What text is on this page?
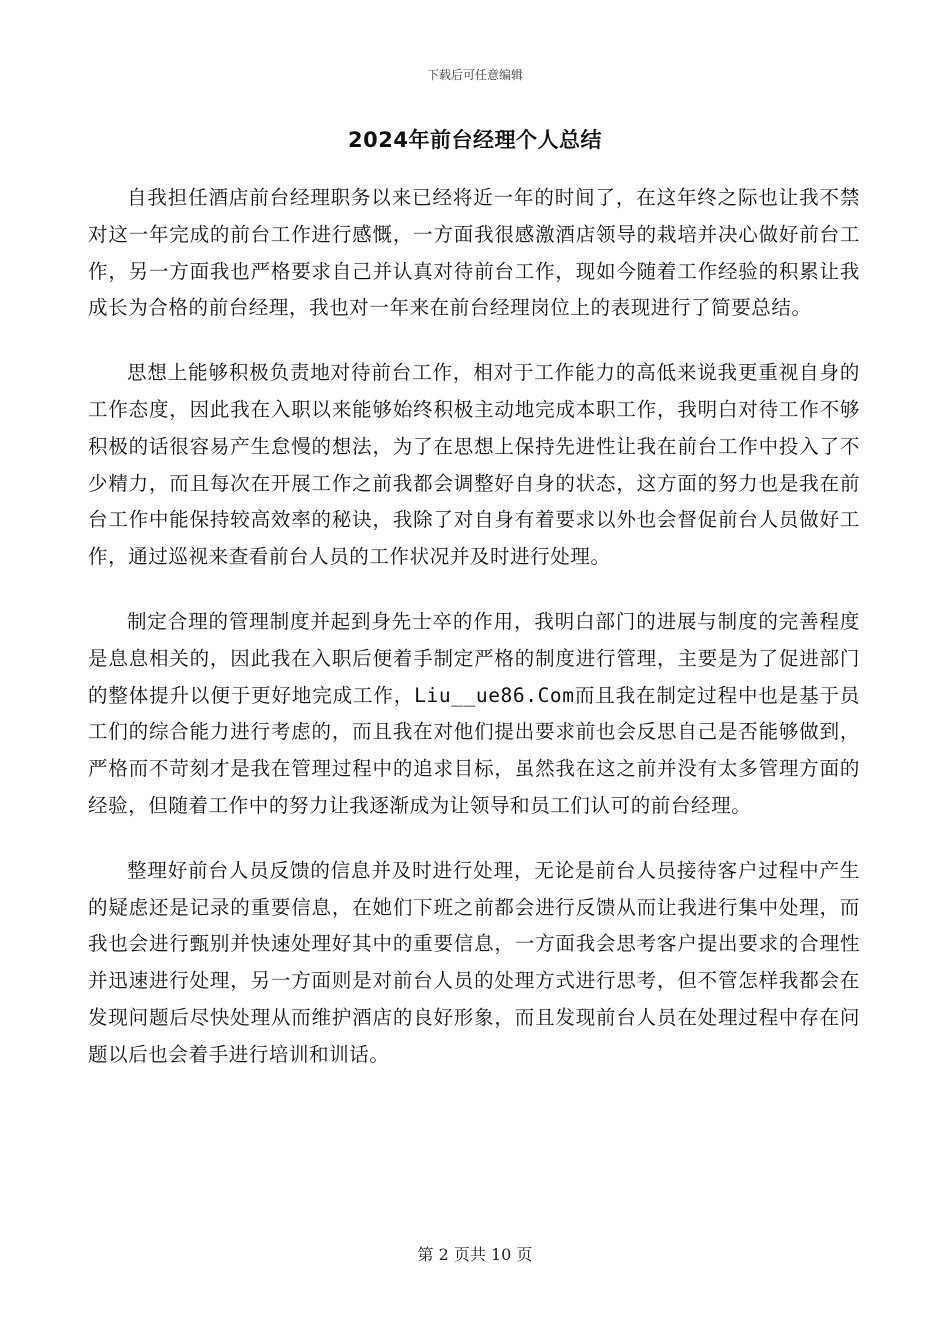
下载后可任意编辑
2024年前台经理个人总结

自我担任酒店前台经理职务以来已经将近一年的时间了，在这年终之际也让我不禁对这一年完成的前台工作进行感慨，一方面我很感激酒店领导的栽培并决心做好前台工作，另一方面我也严格要求自己并认真对待前台工作，现如今随着工作经验的积累让我成长为合格的前台经理，我也对一年来在前台经理岗位上的表现进行了简要总结。

思想上能够积极负责地对待前台工作，相对于工作能力的高低来说我更重视自身的工作态度，因此我在入职以来能够始终积极主动地完成本职工作，我明白对待工作不够积极的话很容易产生怠慢的想法，为了在思想上保持先进性让我在前台工作中投入了不少精力，而且每次在开展工作之前我都会调整好自身的状态，这方面的努力也是我在前台工作中能保持较高效率的秘诀，我除了对自身有着要求以外也会督促前台人员做好工作，通过巡视来查看前台人员的工作状况并及时进行处理。

制定合理的管理制度并起到身先士卒的作用，我明白部门的进展与制度的完善程度是息息相关的，因此我在入职后便着手制定严格的制度进行管理，主要是为了促进部门的整体提升以便于更好地完成工作，Liu__ue86.Com而且我在制定过程中也是基于员工们的综合能力进行考虑的，而且我在对他们提出要求前也会反思自己是否能够做到，严格而不苛刻才是我在管理过程中的追求目标，虽然我在这之前并没有太多管理方面的经验，但随着工作中的努力让我逐渐成为让领导和员工们认可的前台经理。

整理好前台人员反馈的信息并及时进行处理，无论是前台人员接待客户过程中产生的疑虑还是记录的重要信息，在她们下班之前都会进行反馈从而让我进行集中处理，而我也会进行甄别并快速处理好其中的重要信息，一方面我会思考客户提出要求的合理性并迅速进行处理，另一方面则是对前台人员的处理方式进行思考，但不管怎样我都会在发现问题后尽快处理从而维护酒店的良好形象，而且发现前台人员在处理过程中存在问题以后也会着手进行培训和训话。

第 2 页共 10 页
